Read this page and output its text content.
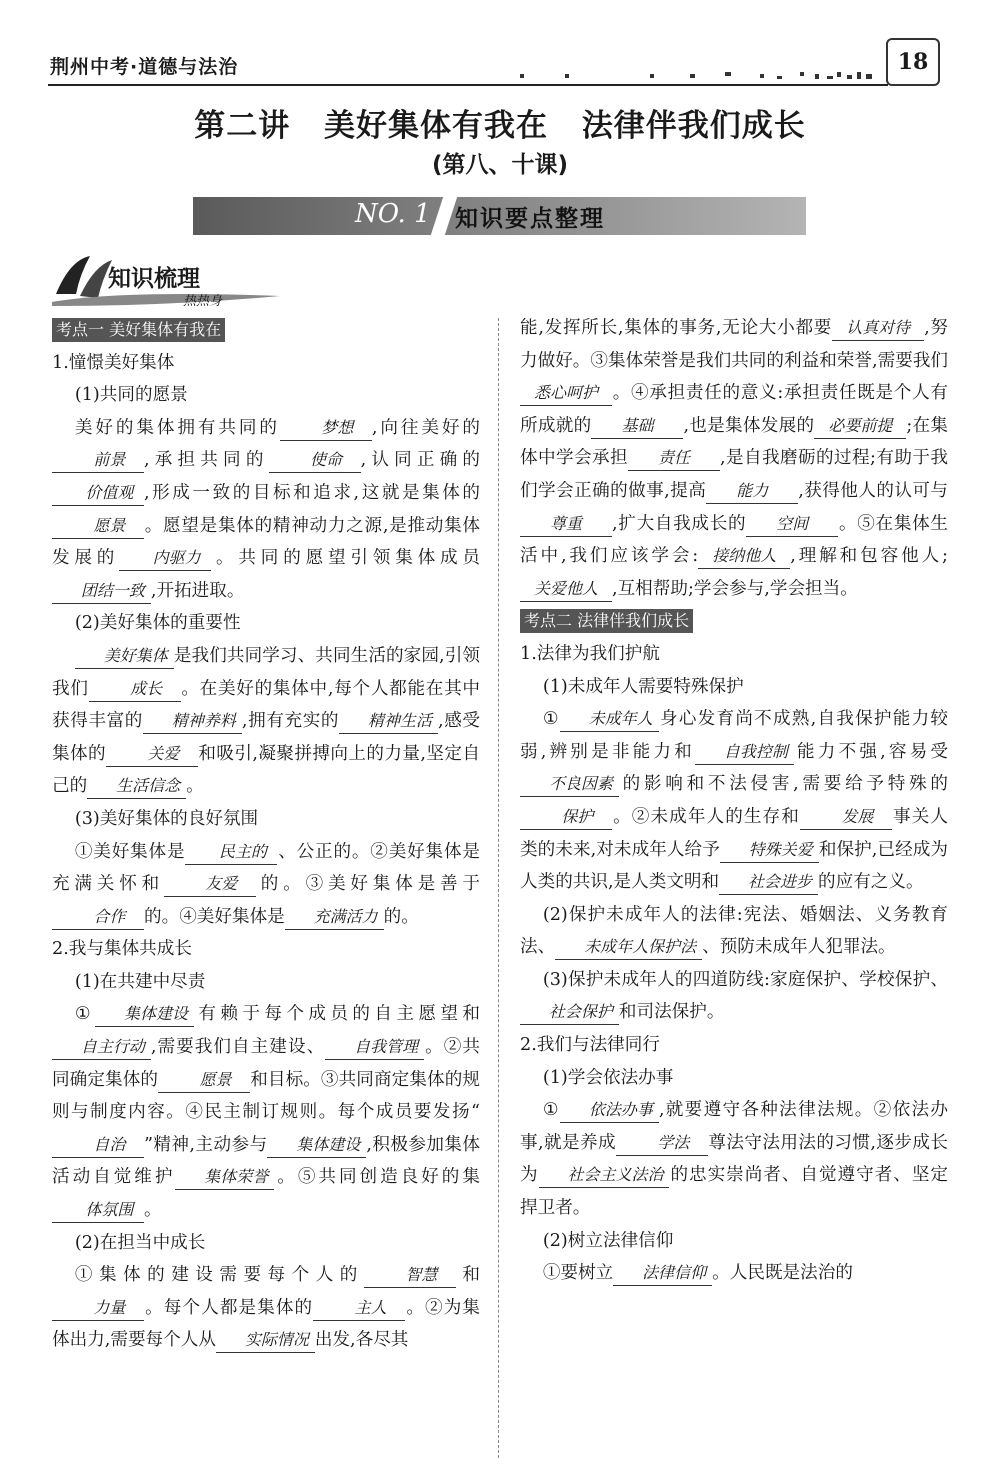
荆州中考·道德与法治	18
第二讲 美好集体有我在 法律伴我们成长
(第八、十课)
NO. 1 知识要点整理
知识梳理
热热身

考点一 美好集体有我在

1.憧憬美好集体

(1)共同的愿景

美好的集体拥有共同的	梦想 ,向往美好的前景 ,承担共同的	使命 ,认同正确的价值观 ,形成一致的目标和追求,这就是集体的愿景 。愿望是集体的精神动力之源,是推动集体发展的 内驱力 。共同的愿望引领集体成员团结一致 ,开拓进取。

(2)美好集体的重要性

美好集体 是我们共同学习、共同生活的家园,引领我们	成长 。在美好的集体中,每个人都能在其中获得丰富的 精神养料 ,拥有充实的 精神生活 ,感受集体的	关爱 和吸引,凝聚拼搏向上的力量,坚定自己的 生活信念 。

(3)美好集体的良好氛围

①美好集体是 民主的 、公正的。②美好集体是充满关怀和	友爱 的。③美好集体是善于合作 的。④美好集体是 充满活力 的。

2.我与集体共成长

(1)在共建中尽责

① 集体建设 有赖于每个成员的自主愿望和自主行动 ,需要我们自主建设、 自我管理 。②共同确定集体的	愿景 和目标。③共同商定集体的规则与制度内容。④民主制订规则。每个成员要发扬“自治 ”精神,主动参与 集体建设 ,积极参加集体活动自觉维护 集体荣誉 。⑤共同创造良好的集体氛围 。

(2)在担当中成长

①集体的建设需要每个人的	智慧 和力量 。每个人都是集体的	主人 。②为集体出力,需要每个人从 实际情况 出发,各尽其

能,发挥所长,集体的事务,无论大小都要 认真对待 ,努力做好。③集体荣誉是我们共同的利益和荣誉,需要我们悉心呵护 。④承担责任的意义:承担责任既是个人有所成就的 基础 ,也是集体发展的 必要前提 ;在集体中学会承担 责任 ,是自我磨砺的过程;有助于我们学会正确的做事,提高 能力 ,获得他人的认可与尊重 ,扩大自我成长的 空间 。⑤在集体生活中,我们应该学会: 接纳他人 ,理解和包容他人;关爱他人 ,互相帮助;学会参与,学会担当。

考点二 法律伴我们成长

1.法律为我们护航

(1)未成年人需要特殊保护

① 未成年人 身心发育尚不成熟,自我保护能力较弱,辨别是非能力和 自我控制 能力不强,容易受不良因素 的影响和不法侵害,需要给予特殊的保护 。②未成年人的生存和	发展 事关人类的未来,对未成年人给予 特殊关爱 和保护,已经成为人类的共识,是人类文明和 社会进步 的应有之义。

(2)保护未成年人的法律:宪法、婚姻法、义务教育法、 未成年人保护法 、预防未成年人犯罪法。

(3)保护未成年人的四道防线:家庭保护、学校保护、社会保护 和司法保护。

2.我们与法律同行

(1)学会依法办事

① 依法办事 ,就要遵守各种法律法规。②依法办事,就是养成	学法 尊法守法用法的习惯,逐步成长为 社会主义法治 的忠实崇尚者、自觉遵守者、坚定捍卫者。

(2)树立法律信仰

①要树立 法律信仰 。人民既是法治的
